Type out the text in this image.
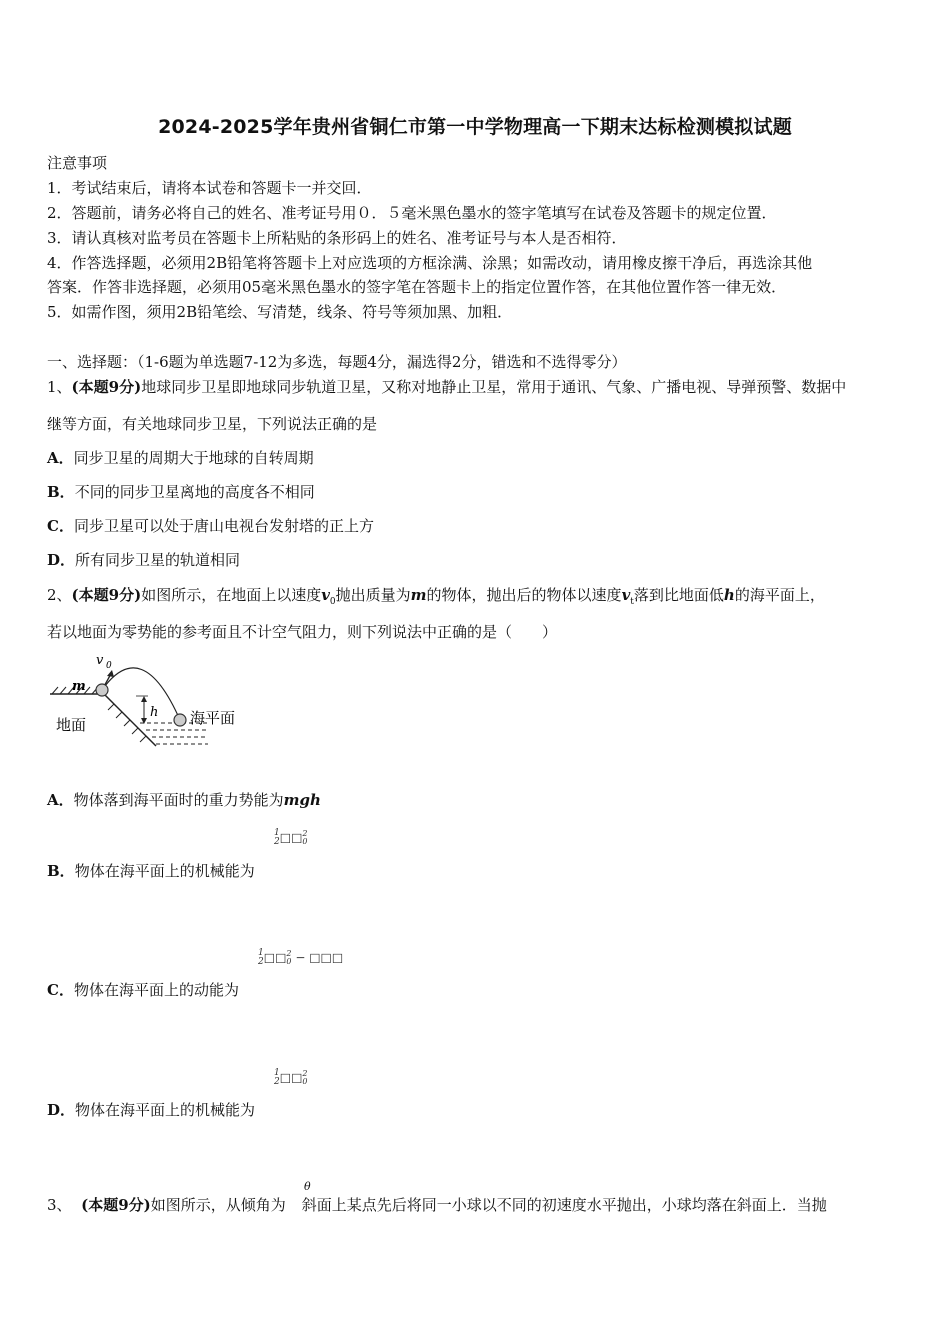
2024-2025学年贵州省铜仁市第一中学物理高一下期末达标检测模拟试题
注意事项
1．考试结束后，请将本试卷和答题卡一并交回．
2．答题前，请务必将自己的姓名、准考证号用０．５毫米黑色墨水的签字笔填写在试卷及答题卡的规定位置．
3．请认真核对监考员在答题卡上所粘贴的条形码上的姓名、准考证号与本人是否相符．
4．作答选择题，必须用2B铅笔将答题卡上对应选项的方框涂满、涂黑；如需改动，请用橡皮擦干净后，再选涂其他
答案．作答非选择题，必须用05毫米黑色墨水的签字笔在答题卡上的指定位置作答，在其他位置作答一律无效．
5．如需作图，须用2B铅笔绘、写清楚，线条、符号等须加黑、加粗．
一、选择题：（1-6题为单选题7-12为多选，每题4分，漏选得2分，错选和不选得零分）
1、(本题9分)地球同步卫星即地球同步轨道卫星，又称对地静止卫星，常用于通讯、气象、广播电视、导弹预警、数据中
继等方面，有关地球同步卫星，下列说法正确的是
A．同步卫星的周期大于地球的自转周期
B．不同的同步卫星离地的高度各不相同
C．同步卫星可以处于唐山电视台发射塔的正上方
D．所有同步卫星的轨道相同
2、(本题9分)如图所示，在地面上以速度$v_0$抛出质量为m的物体，抛出后的物体以速度$v_t$落到比地面低h的海平面上，
若以地面为零势能的参考面且不计空气阻力，则下列说法中正确的是（　　）
v 0
m
地面
h 海平面
A．物体落到海平面时的重力势能为mgh
1
2□□2
0
B．物体在海平面上的机械能为
1
2□□2
0 − □□□
C．物体在海平面上的动能为
1
2□□2
0
D．物体在海平面上的机械能为
θ
3、 (本题9分)如图所示，从倾角为 斜面上某点先后将同一小球以不同的初速度水平抛出，小球均落在斜面上．当抛
